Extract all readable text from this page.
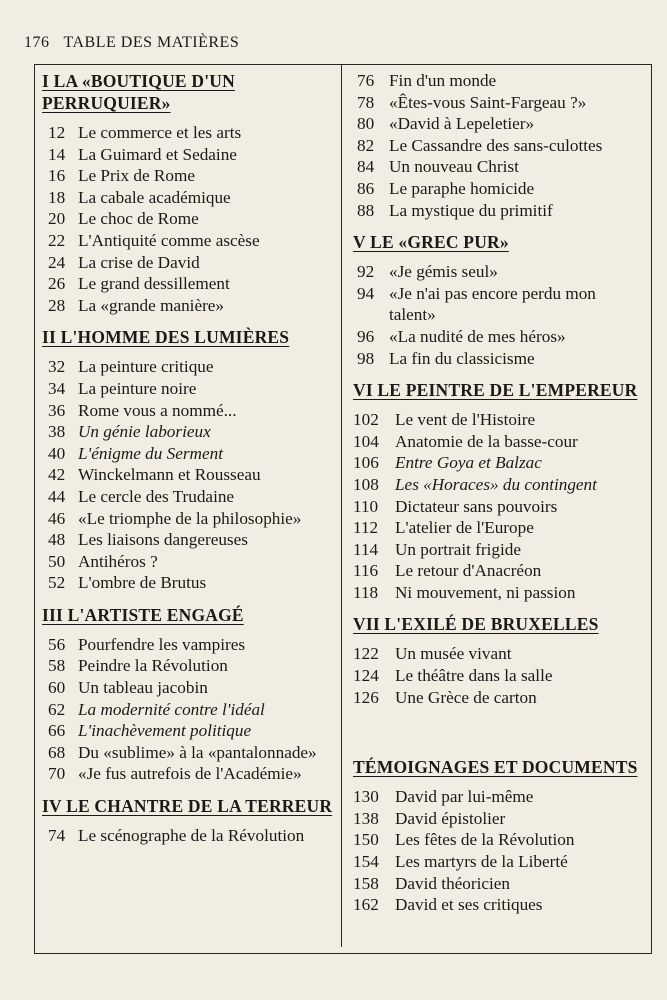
176 TABLE DES MATIÈRES
I LA «BOUTIQUE D'UN PERRUQUIER»
12 Le commerce et les arts
14 La Guimard et Sedaine
16 Le Prix de Rome
18 La cabale académique
20 Le choc de Rome
22 L'Antiquité comme ascèse
24 La crise de David
26 Le grand dessillement
28 La «grande manière»
II L'HOMME DES LUMIÈRES
32 La peinture critique
34 La peinture noire
36 Rome vous a nommé...
38 Un génie laborieux
40 L'énigme du Serment
42 Winckelmann et Rousseau
44 Le cercle des Trudaine
46 «Le triomphe de la philosophie»
48 Les liaisons dangereuses
50 Antihéros ?
52 L'ombre de Brutus
III L'ARTISTE ENGAGÉ
56 Pourfendre les vampires
58 Peindre la Révolution
60 Un tableau jacobin
62 La modernité contre l'idéal
66 L'inachèvement politique
68 Du «sublime» à la «pantalonnade»
70 «Je fus autrefois de l'Académie»
IV LE CHANTRE DE LA TERREUR
74 Le scénographe de la Révolution
76 Fin d'un monde
78 «Êtes-vous Saint-Fargeau ?»
80 «David à Lepeletier»
82 Le Cassandre des sans-culottes
84 Un nouveau Christ
86 Le paraphe homicide
88 La mystique du primitif
V LE «GREC PUR»
92 «Je gémis seul»
94 «Je n'ai pas encore perdu mon talent»
96 «La nudité de mes héros»
98 La fin du classicisme
VI LE PEINTRE DE L'EMPEREUR
102 Le vent de l'Histoire
104 Anatomie de la basse-cour
106 Entre Goya et Balzac
108 Les «Horaces» du contingent
110 Dictateur sans pouvoirs
112 L'atelier de l'Europe
114 Un portrait frigide
116 Le retour d'Anacréon
118 Ni mouvement, ni passion
VII L'EXILÉ DE BRUXELLES
122 Un musée vivant
124 Le théâtre dans la salle
126 Une Grèce de carton
TÉMOIGNAGES ET DOCUMENTS
130 David par lui-même
138 David épistolier
150 Les fêtes de la Révolution
154 Les martyrs de la Liberté
158 David théoricien
162 David et ses critiques
